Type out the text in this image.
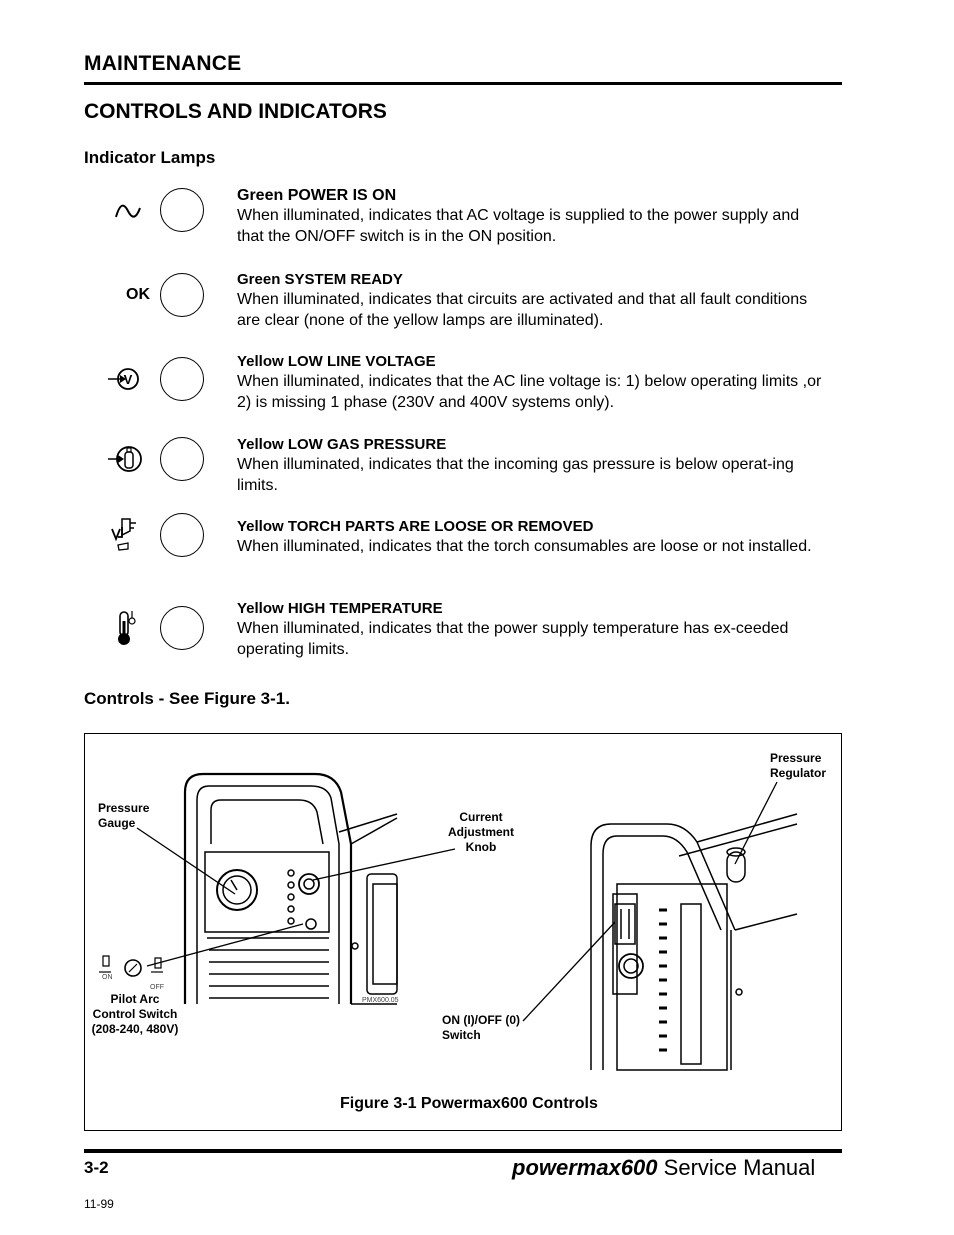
MAINTENANCE
CONTROLS AND INDICATORS
Indicator Lamps
Green POWER IS ON
When illuminated, indicates that AC voltage is supplied to the power supply and that the ON/OFF switch is in the ON position.
OK
Green SYSTEM READY
When illuminated, indicates that circuits are activated and that all fault conditions are clear (none of the yellow lamps are illuminated).
V
Yellow LOW LINE VOLTAGE
When illuminated, indicates that the AC line voltage is: 1) below operating limits ,or 2) is missing 1 phase (230V and 400V systems only).
Yellow LOW GAS PRESSURE
When illuminated, indicates that the incoming gas pressure is below operat-ing limits.
Yellow TORCH PARTS ARE LOOSE OR REMOVED
When illuminated, indicates that the torch consumables are loose or not installed.
Yellow HIGH TEMPERATURE
When illuminated, indicates that the power supply temperature has ex-ceeded operating limits.
Controls - See Figure 3-1.
Pressure
Gauge	Current
Adjustment
Knob
Pressure
Regulator
Pilot Arc
Control Switch
(208-240, 480V)
ON (I)/OFF (0)
Switch
ON
OFF
PMX600.05
Figure 3-1 Powermax600 Controls
3-2	powermax600 Service Manual
11-99
